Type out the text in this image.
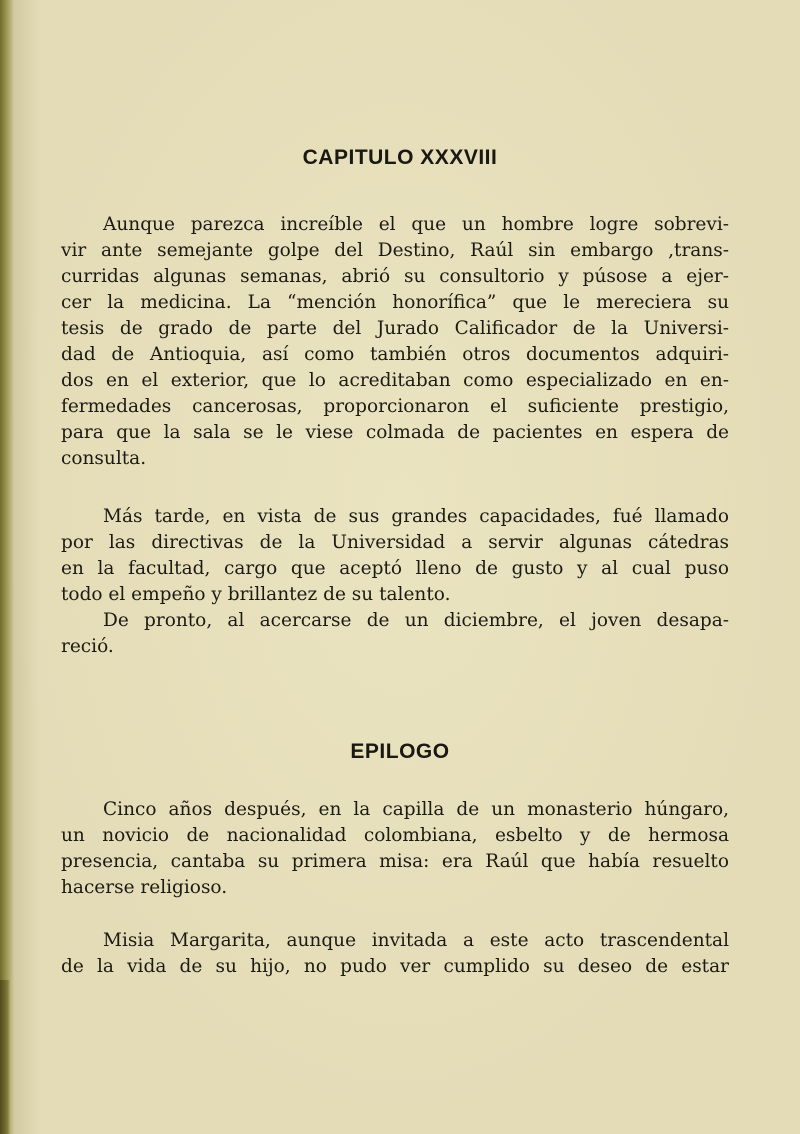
CAPITULO XXXVIII
Aunque parezca increíble el que un hombre logre sobrevi-
vir ante semejante golpe del Destino, Raúl sin embargo ,trans-
curridas algunas semanas, abrió su consultorio y púsose a ejer-
cer la medicina. La “mención honorífica” que le mereciera su
tesis de grado de parte del Jurado Calificador de la Universi-
dad de Antioquia, así como también otros documentos adquiri-
dos en el exterior, que lo acreditaban como especializado en en-
fermedades cancerosas, proporcionaron el suficiente prestigio,
para que la sala se le viese colmada de pacientes en espera de
consulta.
Más tarde, en vista de sus grandes capacidades, fué llamado
por las directivas de la Universidad a servir algunas cátedras
en la facultad, cargo que aceptó lleno de gusto y al cual puso
todo el empeño y brillantez de su talento.
De pronto, al acercarse de un diciembre, el joven desapa-
reció.
EPILOGO
Cinco años después, en la capilla de un monasterio húngaro,
un novicio de nacionalidad colombiana, esbelto y de hermosa
presencia, cantaba su primera misa: era Raúl que había resuelto
hacerse religioso.
Misia Margarita, aunque invitada a este acto trascendental
de la vida de su hijo, no pudo ver cumplido su deseo de estar
